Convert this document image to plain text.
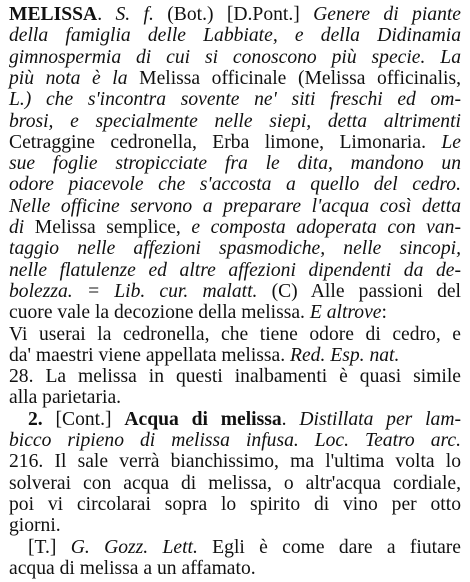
MELISSA. S. f. (Bot.) [D.Pont.] Genere di piante
della famiglia delle Labbiate, e della Didinamia
gimnospermia di cui si conoscono più specie. La
più nota è la Melissa officinale (Melissa officinalis,
L.) che s'incontra sovente ne' siti freschi ed om-
brosi, e specialmente nelle siepi, detta altrimenti
Cetraggine cedronella, Erba limone, Limonaria. Le
sue foglie stropicciate fra le dita, mandono un
odore piacevole che s'accosta a quello del cedro.
Nelle officine servono a preparare l'acqua così detta
di Melissa semplice, e composta adoperata con van-
taggio nelle affezioni spasmodiche, nelle sincopi,
nelle flatulenze ed altre affezioni dipendenti da de-
bolezza. = Lib. cur. malatt. (C) Alle passioni del
cuore vale la decozione della melissa. E altrove:
Vi userai la cedronella, che tiene odore di cedro, e
da' maestri viene appellata melissa. Red. Esp. nat.
28. La melissa in questi inalbamenti è quasi simile
alla parietaria.
2. [Cont.] Acqua di melissa. Distillata per lam-
bicco ripieno di melissa infusa. Loc. Teatro arc.
216. Il sale verrà bianchissimo, ma l'ultima volta lo
solverai con acqua di melissa, o altr'acqua cordiale,
poi vi circolarai sopra lo spirito di vino per otto
giorni.
[T.] G. Gozz. Lett. Egli è come dare a fiutare
acqua di melissa a un affamato.
